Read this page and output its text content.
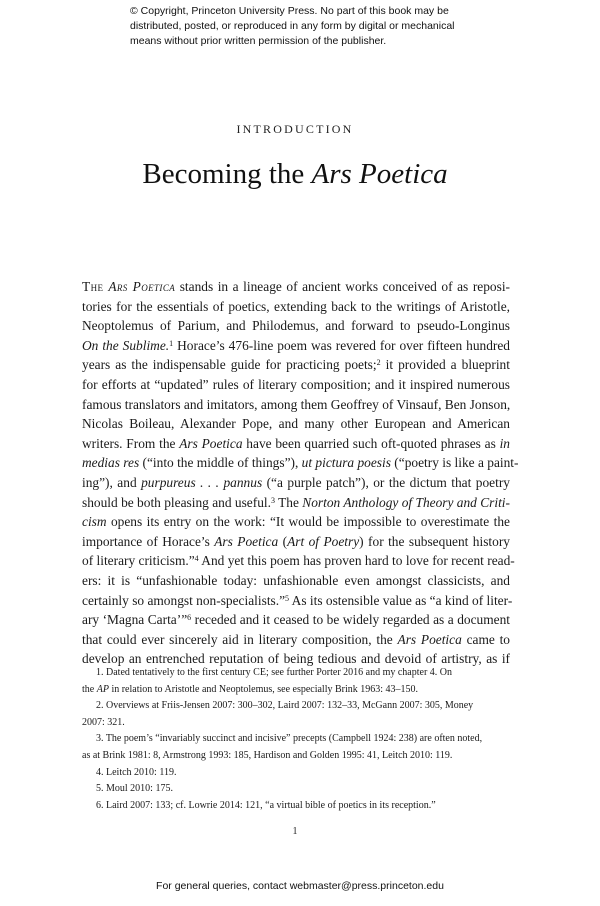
© Copyright, Princeton University Press. No part of this book may be
distributed, posted, or reproduced in any form by digital or mechanical
means without prior written permission of the publisher.
INTRODUCTION
Becoming the Ars Poetica
The Ars Poetica stands in a lineage of ancient works conceived of as reposi-
tories for the essentials of poetics, extending back to the writings of Aristotle,
Neoptolemus of Parium, and Philodemus, and forward to pseudo-Longinus
On the Sublime.$^1$ Horace’s 476-line poem was revered for over fifteen hundred
years as the indispensable guide for practicing poets;$^2$ it provided a blueprint
for efforts at “updated” rules of literary composition; and it inspired numerous
famous translators and imitators, among them Geoffrey of Vinsauf, Ben Jonson,
Nicolas Boileau, Alexander Pope, and many other European and American
writers. From the Ars Poetica have been quarried such oft-quoted phrases as in
medias res (“into the middle of things”), ut pictura poesis (“poetry is like a paint-
ing”), and purpureus . . . pannus (“a purple patch”), or the dictum that poetry
should be both pleasing and useful.$^3$ The Norton Anthology of Theory and Criti-
cism opens its entry on the work: “It would be impossible to overestimate the
importance of Horace’s Ars Poetica (Art of Poetry) for the subsequent history
of literary criticism.”$^4$ And yet this poem has proven hard to love for recent read-
ers: it is “unfashionable today: unfashionable even amongst classicists, and
certainly so amongst non-specialists.”$^5$ As its ostensible value as “a kind of liter-
ary ‘Magna Carta’”$^6$ receded and it ceased to be widely regarded as a document
that could ever sincerely aid in literary composition, the Ars Poetica came to
develop an entrenched reputation of being tedious and devoid of artistry, as if
1. Dated tentatively to the first century CE; see further Porter 2016 and my chapter 4. On
the AP in relation to Aristotle and Neoptolemus, see especially Brink 1963: 43–150.
2. Overviews at Friis-Jensen 2007: 300–302, Laird 2007: 132–33, McGann 2007: 305, Money
2007: 321.
3. The poem’s “invariably succinct and incisive” precepts (Campbell 1924: 238) are often noted,
as at Brink 1981: 8, Armstrong 1993: 185, Hardison and Golden 1995: 41, Leitch 2010: 119.
4. Leitch 2010: 119.
5. Moul 2010: 175.
6. Laird 2007: 133; cf. Lowrie 2014: 121, “a virtual bible of poetics in its reception.”
1
For general queries, contact webmaster@press.princeton.edu
